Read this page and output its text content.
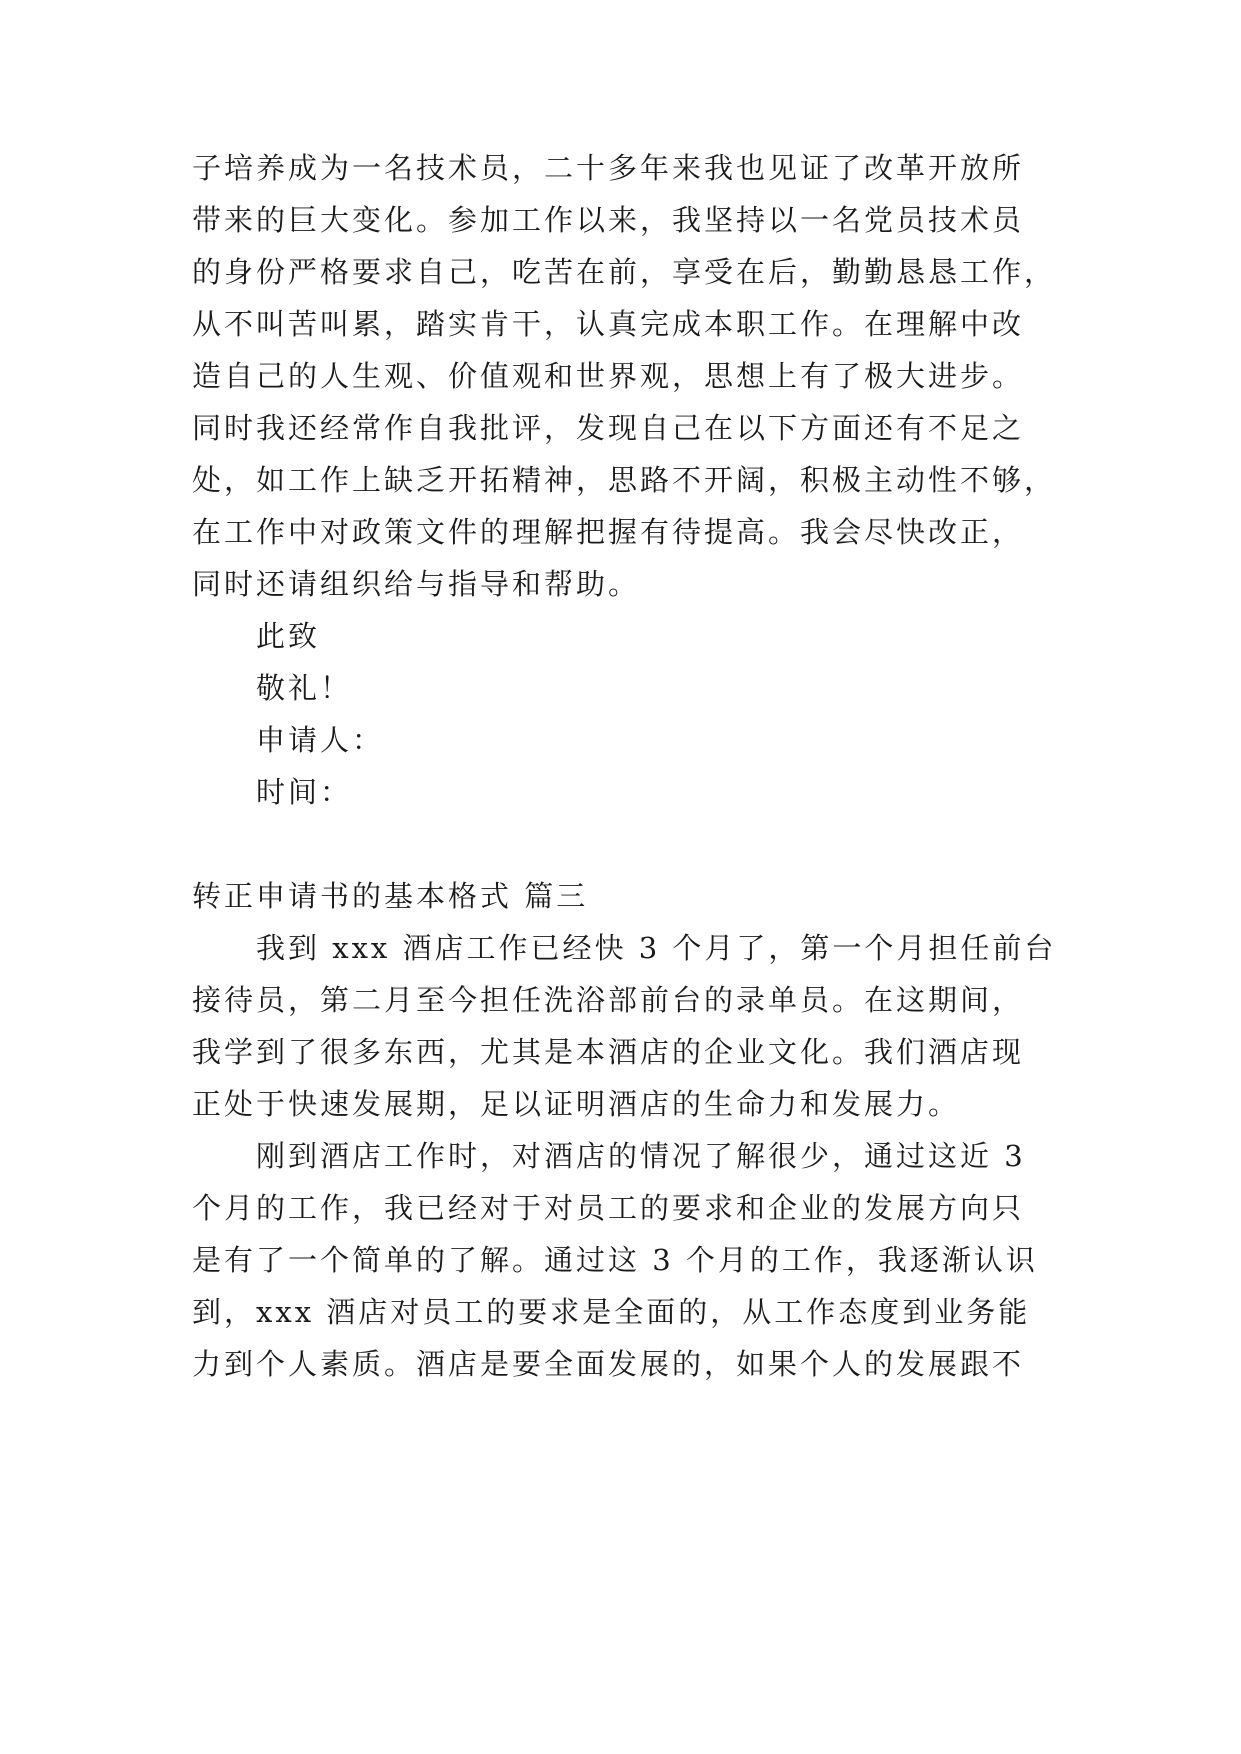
子培养成为一名技术员，二十多年来我也见证了改革开放所
带来的巨大变化。参加工作以来，我坚持以一名党员技术员
的身份严格要求自己，吃苦在前，享受在后，勤勤恳恳工作，
从不叫苦叫累，踏实肯干，认真完成本职工作。在理解中改
造自己的人生观、价值观和世界观，思想上有了极大进步。
同时我还经常作自我批评，发现自己在以下方面还有不足之
处，如工作上缺乏开拓精神，思路不开阔，积极主动性不够，
在工作中对政策文件的理解把握有待提高。我会尽快改正，
同时还请组织给与指导和帮助。
此致
敬礼！
申请人：
时间：
转正申请书的基本格式 篇三
我到 xxx 酒店工作已经快 3 个月了，第一个月担任前台
接待员，第二月至今担任洗浴部前台的录单员。在这期间，
我学到了很多东西，尤其是本酒店的企业文化。我们酒店现
正处于快速发展期，足以证明酒店的生命力和发展力。
刚到酒店工作时，对酒店的情况了解很少，通过这近 3
个月的工作，我已经对于对员工的要求和企业的发展方向只
是有了一个简单的了解。通过这 3 个月的工作，我逐渐认识
到，xxx 酒店对员工的要求是全面的，从工作态度到业务能
力到个人素质。酒店是要全面发展的，如果个人的发展跟不
